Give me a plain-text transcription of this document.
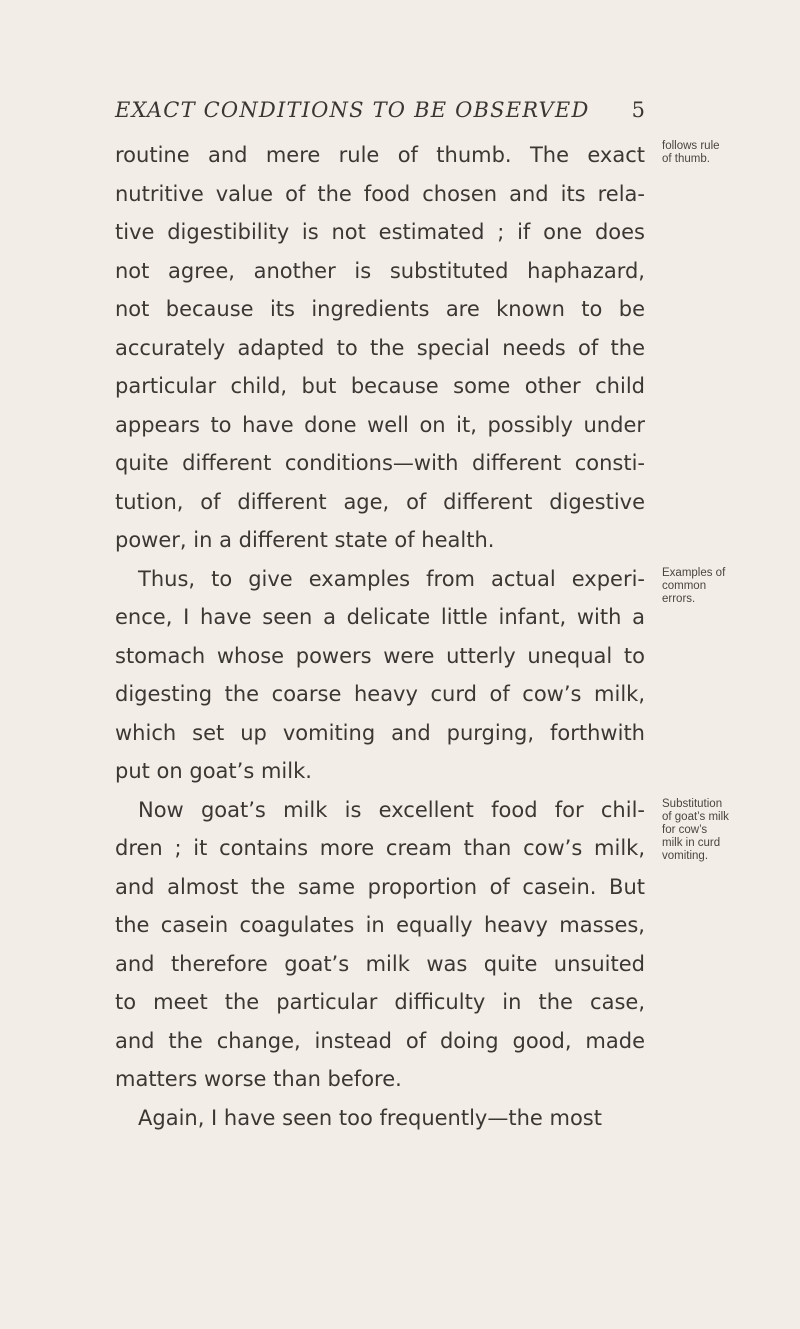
EXACT CONDITIONS TO BE OBSERVED 5
routine and mere rule of thumb. The exact
nutritive value of the food chosen and its rela-
tive digestibility is not estimated ; if one does
not agree, another is substituted haphazard,
not because its ingredients are known to be
accurately adapted to the special needs of the
particular child, but because some other child
appears to have done well on it, possibly under
quite different conditions—with different consti-
tution, of different age, of different digestive
power, in a different state of health.
Thus, to give examples from actual experi-
ence, I have seen a delicate little infant, with a
stomach whose powers were utterly unequal to
digesting the coarse heavy curd of cow’s milk,
which set up vomiting and purging, forthwith
put on goat’s milk.
Now goat’s milk is excellent food for chil-
dren ; it contains more cream than cow’s milk,
and almost the same proportion of casein. But
the casein coagulates in equally heavy masses,
and therefore goat’s milk was quite unsuited
to meet the particular difficulty in the case,
and the change, instead of doing good, made
matters worse than before.
Again, I have seen too frequently—the most
follows rule
of thumb.
Examples of
common
errors.
Substitution
of goat’s milk
for cow’s
milk in curd
vomiting.
